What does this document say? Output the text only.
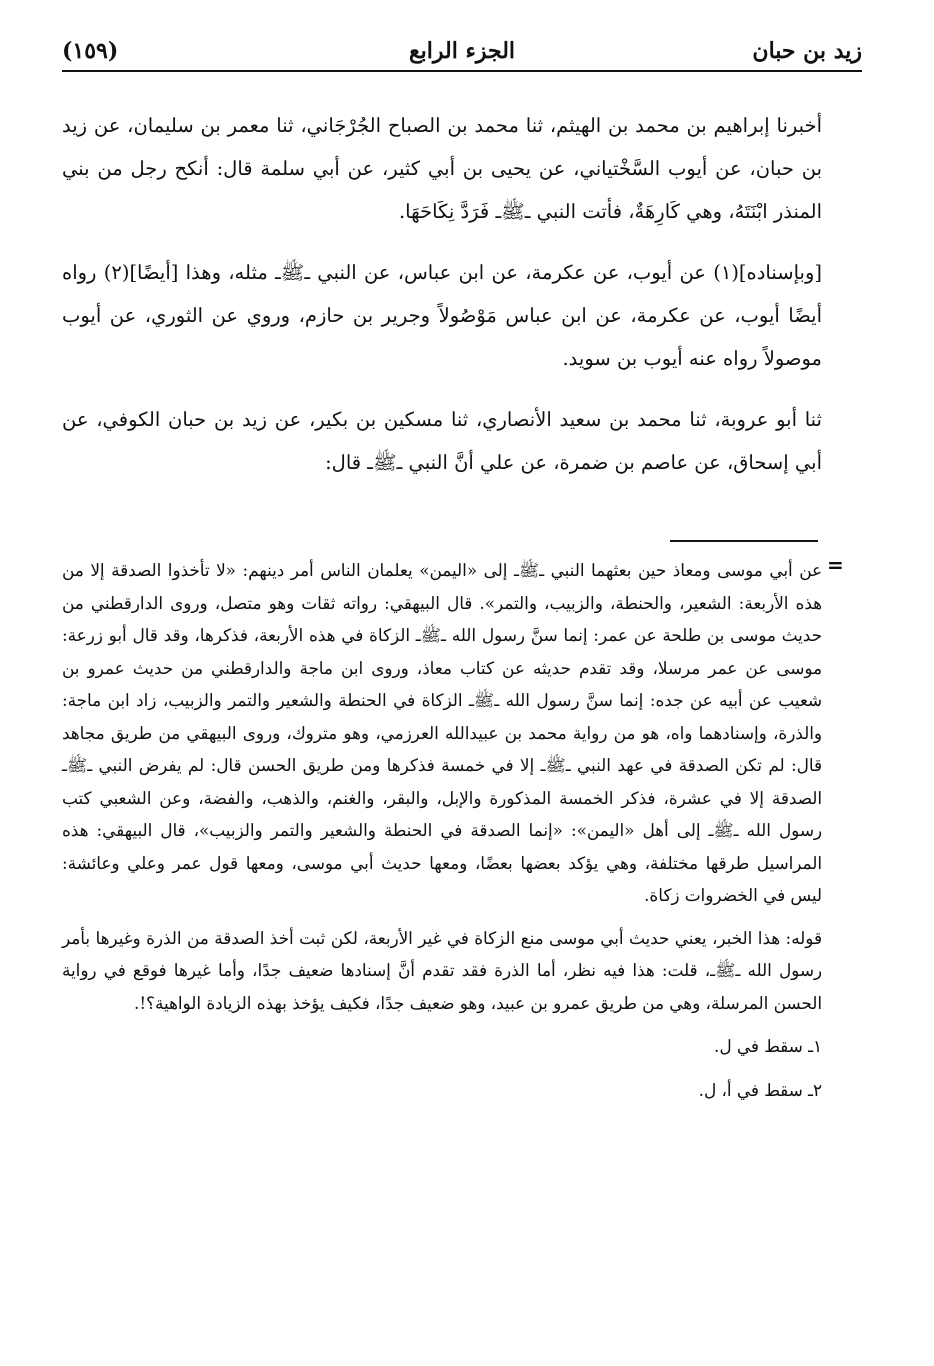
الجزء الرابع	زيد بن حبان
(١٥٩)

أخبرنا إبراهيم بن محمد بن الهيثم، ثنا محمد بن الصباح الجُرْجَاني، ثنا معمر بن سليمان، عن زيد بن حبان، عن أيوب السَّخْتياني، عن يحيى بن أبي كثير، عن أبي سلمة قال: أنكح رجل من بني المنذر ابْنَتَهُ، وهي كَارِهَةٌ، فأتت النبي ـﷺـ فَرَدَّ نِكَاحَهَا.

[وبإسناده](١) عن أيوب، عن عكرمة، عن ابن عباس، عن النبي ـﷺـ مثله، وهذا [أيضًا](٢) رواه أيضًا أيوب، عن عكرمة، عن ابن عباس مَوْصُولاً وجرير بن حازم، وروي عن الثوري، عن أيوب موصولاً رواه عنه أيوب بن سويد.

ثنا أبو عروبة، ثنا محمد بن سعيد الأنصاري، ثنا مسكين بن بكير، عن زيد بن حبان الكوفي، عن أبي إسحاق، عن عاصم بن ضمرة، عن علي أنَّ النبي ـﷺـ قال:

=

عن أبي موسى ومعاذ حين بعثهما النبي ـﷺـ إلى «اليمن» يعلمان الناس أمر دينهم: «لا تأخذوا الصدقة إلا من هذه الأربعة: الشعير، والحنطة، والزبيب، والتمر». قال البيهقي: رواته ثقات وهو متصل، وروى الدارقطني من حديث موسى بن طلحة عن عمر: إنما سنَّ رسول الله ـﷺـ الزكاة في هذه الأربعة، فذكرها، وقد قال أبو زرعة: موسى عن عمر مرسلا، وقد تقدم حديثه عن كتاب معاذ، وروى ابن ماجة والدارقطني من حديث عمرو بن شعيب عن أبيه عن جده: إنما سنَّ رسول الله ـﷺـ الزكاة في الحنطة والشعير والتمر والزبيب، زاد ابن ماجة: والذرة، وإسنادهما واه، هو من رواية محمد بن عبيدالله العرزمي، وهو متروك، وروى البيهقي من طريق مجاهد قال: لم تكن الصدقة في عهد النبي ـﷺـ إلا في خمسة فذكرها ومن طريق الحسن قال: لم يفرض النبي ـﷺـ الصدقة إلا في عشرة، فذكر الخمسة المذكورة والإبل، والبقر، والغنم، والذهب، والفضة، وعن الشعبي كتب رسول الله ـﷺـ إلى أهل «اليمن»: «إنما الصدقة في الحنطة والشعير والتمر والزبيب»، قال البيهقي: هذه المراسيل طرقها مختلفة، وهي يؤكد بعضها بعضًا، ومعها حديث أبي موسى، ومعها قول عمر وعلي وعائشة: ليس في الخضروات زكاة.

قوله: هذا الخبر، يعني حديث أبي موسى منع الزكاة في غير الأربعة، لكن ثبت أخذ الصدقة من الذرة وغيرها بأمر رسول الله ـﷺـ، قلت: هذا فيه نظر، أما الذرة فقد تقدم أنَّ إسنادها ضعيف جدًا، وأما غيرها فوقع في رواية الحسن المرسلة، وهي من طريق عمرو بن عبيد، وهو ضعيف جدًا، فكيف يؤخذ بهذه الزيادة الواهية؟!.

١ـ سقط في ل.

٢ـ سقط في أ، ل.
